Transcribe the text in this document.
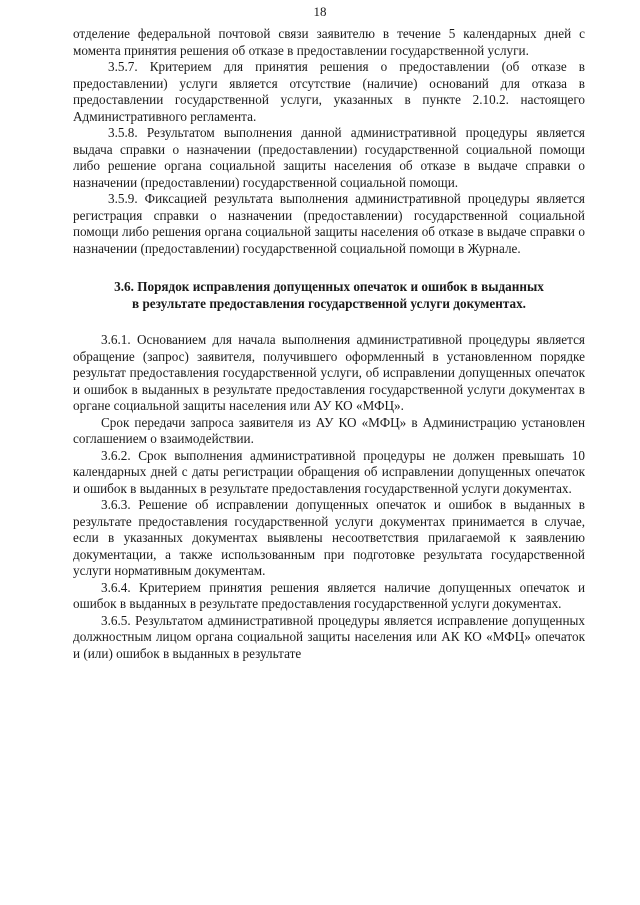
18

отделение федеральной почтовой связи заявителю в течение 5 календарных дней с момента принятия решения об отказе в предоставлении государственной услуги.

3.5.7. Критерием для принятия решения о предоставлении (об отказе в предоставлении) услуги является отсутствие (наличие) оснований для отказа в предоставлении государственной услуги, указанных в пункте 2.10.2. настоящего Административного регламента.

3.5.8. Результатом выполнения данной административной процедуры является выдача справки о назначении (предоставлении) государственной социальной помощи либо решение органа социальной защиты населения об отказе в выдаче справки о назначении (предоставлении) государственной социальной помощи.

3.5.9. Фиксацией результата выполнения административной процедуры является регистрация справки о назначении (предоставлении) государственной социальной помощи либо решения органа социальной защиты населения об отказе в выдаче справки о назначении (предоставлении) государственной социальной помощи в Журнале.

3.6. Порядок исправления допущенных опечаток и ошибок в выданных в результате предоставления государственной услуги документах.

3.6.1. Основанием для начала выполнения административной процедуры является обращение (запрос) заявителя, получившего оформленный в установленном порядке результат предоставления государственной услуги, об исправлении допущенных опечаток и ошибок в выданных в результате предоставления государственной услуги документах в органе социальной защиты населения или АУ КО «МФЦ».

Срок передачи запроса заявителя из АУ КО «МФЦ» в Администрацию установлен соглашением о взаимодействии.

3.6.2. Срок выполнения административной процедуры не должен превышать 10 календарных дней с даты регистрации обращения об исправлении допущенных опечаток и ошибок в выданных в результате предоставления государственной услуги документах.

3.6.3. Решение об исправлении допущенных опечаток и ошибок в выданных в результате предоставления государственной услуги документах принимается в случае, если в указанных документах выявлены несоответствия прилагаемой к заявлению документации, а также использованным при подготовке результата государственной услуги нормативным документам.

3.6.4. Критерием принятия решения является наличие допущенных опечаток и ошибок в выданных в результате предоставления государственной услуги документах.

3.6.5. Результатом административной процедуры является исправление допущенных должностным лицом органа социальной защиты населения или АК КО «МФЦ» опечаток и (или) ошибок в выданных в результате
